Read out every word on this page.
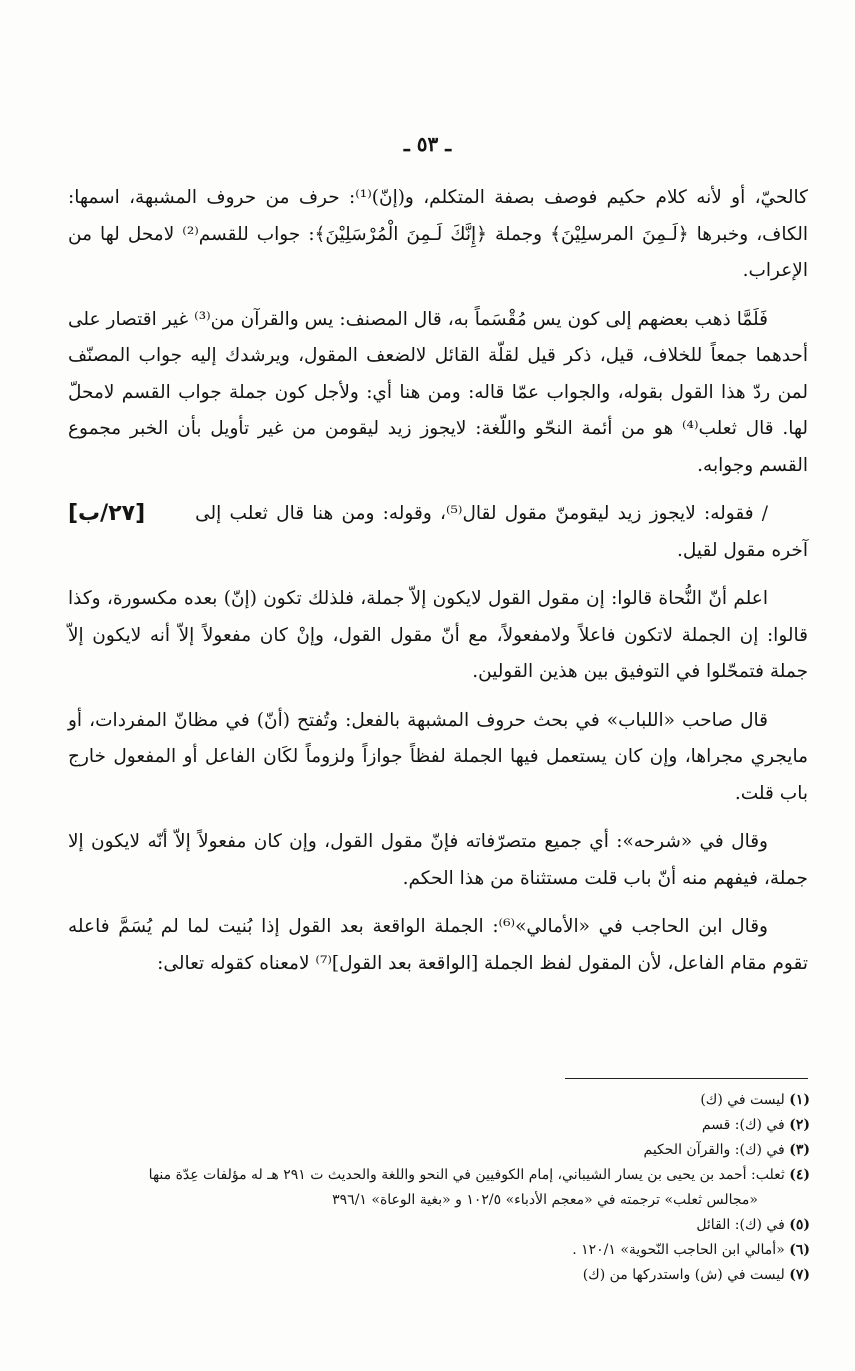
ـ ٥٣ ـ

كالحيّ، أو لأنه كلام حكيم فوصف بصفة المتكلم، و(إنّ)⁽¹⁾: حرف من حروف المشبهة، اسمها: الكاف، وخبرها ﴿لَـمِنَ المرسلِيْنَ﴾ وجملة ﴿إِنَّكَ لَـمِنَ الْمُرْسَلِيْنَ﴾: جواب للقسم⁽²⁾ لامحل لها من الإعراب.

فَلَمَّا ذهب بعضهم إلى كون يس مُقْسَماً به، قال المصنف: يس والقرآن من⁽³⁾ غير اقتصار على أحدهما جمعاً للخلاف، قيل، ذكر قيل لقلّة القائل لالضعف المقول، ويرشدك إليه جواب المصنّف لمن ردّ هذا القول بقوله، والجواب عمّا قاله: ومن هنا أي: ولأجل كون جملة جواب القسم لامحلّ لها. قال ثعلب⁽⁴⁾ هو من أئمة النحّو واللّغة: لايجوز زيد ليقومن من غير تأويل بأن الخبر مجموع القسم وجوابه.

[٢٧/ب]	/ فقوله: لايجوز زيد ليقومنّ مقول لقال⁽⁵⁾، وقوله: ومن هنا قال ثعلب إلى آخره مقول لقيل.

اعلم أنّ النُّحاة قالوا: إن مقول القول لايكون إلاّ جملة، فلذلك تكون (إنّ) بعده مكسورة، وكذا قالوا: إن الجملة لاتكون فاعلاً ولامفعولاً، مع أنّ مقول القول، وإنْ كان مفعولاً إلاّ أنه لايكون إلاّ جملة فتمحّلوا في التوفيق بين هذين القولين.

قال صاحب «اللباب» في بحث حروف المشبهة بالفعل: وتُفتح (أنّ) في مظانّ المفردات، أو مايجري مجراها، وإن كان يستعمل فيها الجملة لفظاً جوازاً ولزوماً لكَان الفاعل أو المفعول خارج باب قلت.

وقال في «شرحه»: أي جميع متصرّفاته فإنّ مقول القول، وإن كان مفعولاً إلاّ أنّه لايكون إلا جملة، فيفهم منه أنّ باب قلت مستثناة من هذا الحكم.

وقال ابن الحاجب في «الأمالي»⁽⁶⁾: الجملة الواقعة بعد القول إذا بُنيت لما لم يُسَمَّ فاعله تقوم مقام الفاعل، لأن المقول لفظ الجملة [الواقعة بعد القول]⁽⁷⁾ لامعناه كقوله تعالى:

(١) ليست في (ك)

(٢) في (ك): قسم

(٣) في (ك): والقرآن الحكيم

(٤) ثعلب: أحمد بن يحيى بن يسار الشيباني، إمام الكوفيين في النحو واللغة والحديث ت ٢٩١ هـ له مؤلفات عِدّة منها
«مجالس ثعلب» ترجمته في «معجم الأدباء» ١٠٢/٥ و «بغية الوعاة» ٣٩٦/١

(٥) في (ك): القائل

(٦) «أمالي ابن الحاجب النّحوية» ١٢٠/١ .

(٧) ليست في (ش) واستدركها من (ك)
